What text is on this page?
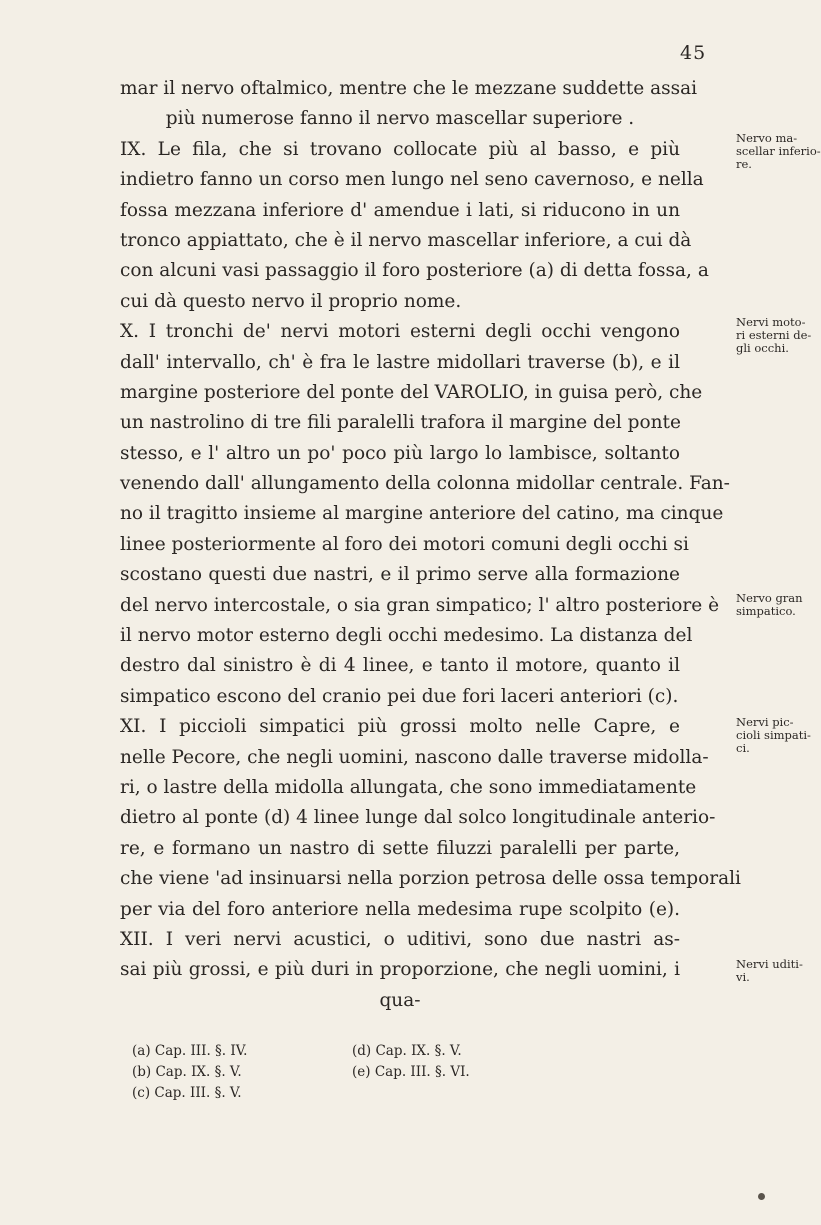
45
mar il nervo oftalmico, mentre che le mezzane suddette assai
più numerose fanno il nervo mascellar superiore .
IX. Le fila, che si trovano collocate più al basso, e più
indietro fanno un corso men lungo nel seno cavernoso, e nella
fossa mezzana inferiore d' amendue i lati, si riducono in un
tronco appiattato, che è il nervo mascellar inferiore, a cui dà
con alcuni vasi passaggio il foro posteriore (a) di detta fossa, a
cui dà questo nervo il proprio nome.
X. I tronchi de' nervi motori esterni degli occhi vengono
dall' intervallo, ch' è fra le lastre midollari traverse (b), e il
margine posteriore del ponte del VAROLIO, in guisa però, che
un nastrolino di tre fili paralelli trafora il margine del ponte
stesso, e l' altro un po' poco più largo lo lambisce, soltanto
venendo dall' allungamento della colonna midollar centrale. Fan-
no il tragitto insieme al margine anteriore del catino, ma cinque
linee posteriormente al foro dei motori comuni degli occhi si
scostano questi due nastri, e il primo serve alla formazione
del nervo intercostale, o sia gran simpatico; l' altro posteriore è
il nervo motor esterno degli occhi medesimo. La distanza del
destro dal sinistro è di 4 linee, e tanto il motore, quanto il
simpatico escono del cranio pei due fori laceri anteriori (c).
XI. I piccioli simpatici più grossi molto nelle Capre, e
nelle Pecore, che negli uomini, nascono dalle traverse midolla-
ri, o lastre della midolla allungata, che sono immediatamente
dietro al ponte (d) 4 linee lunge dal solco longitudinale anterio-
re, e formano un nastro di sette filuzzi paralelli per parte,
che viene 'ad insinuarsi nella porzion petrosa delle ossa temporali
per via del foro anteriore nella medesima rupe scolpito (e).
XII. I veri nervi acustici, o uditivi, sono due nastri as-
sai più grossi, e più duri in proporzione, che negli uomini, i
qua-
Nervo ma-
scellar inferio-
re.
Nervi moto-
ri esterni de-
gli occhi.
Nervo gran
simpatico.
Nervi pic-
cioli simpati-
ci.
Nervi uditi-
vi.
(a) Cap. III. §. IV.	(d) Cap. IX. §. V.
(b) Cap. IX. §. V.	(e) Cap. III. §. VI.
(c) Cap. III. §. V.
